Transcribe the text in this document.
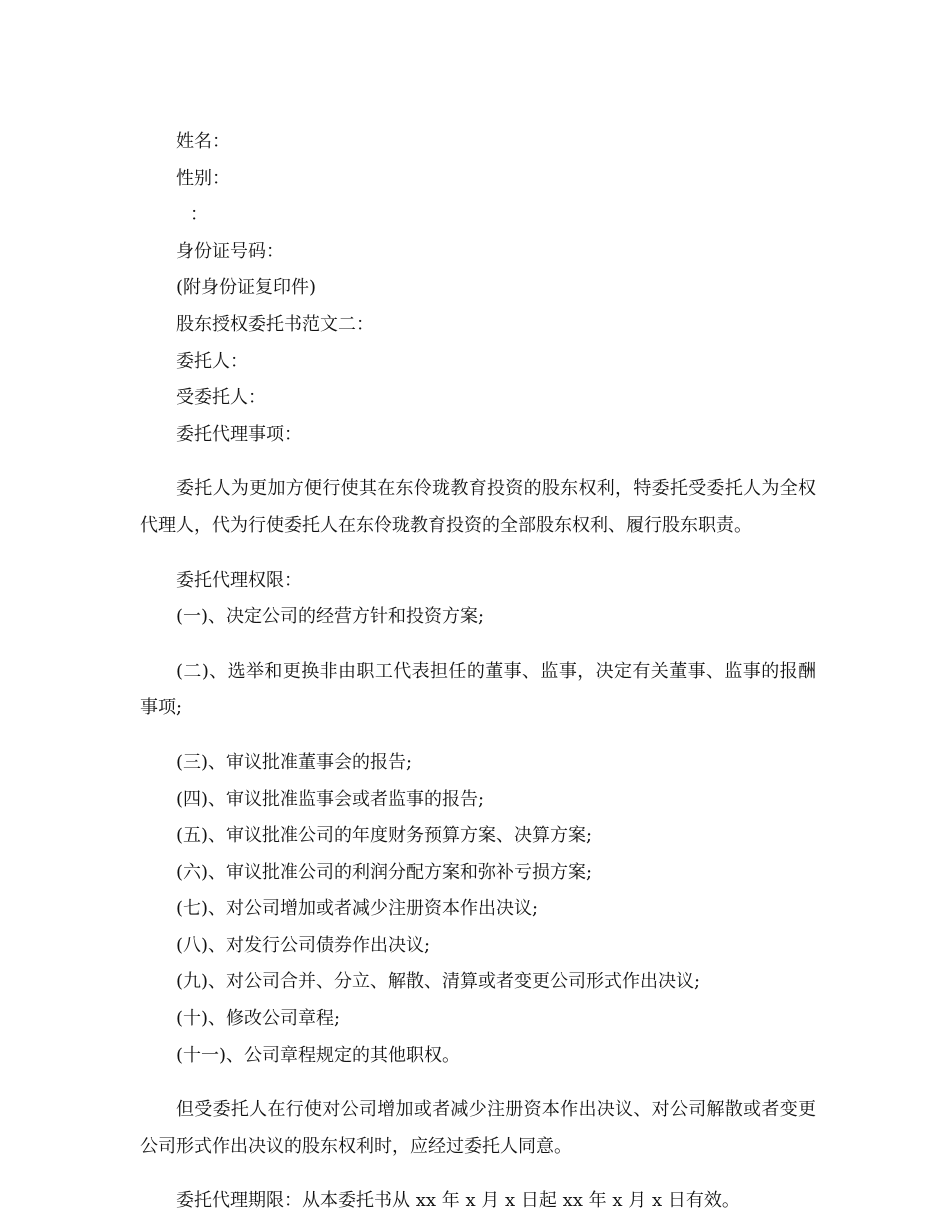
姓名：

性别：

：

身份证号码：

(附身份证复印件)

股东授权委托书范文二：

委托人：

受委托人：

委托代理事项：

委托人为更加方便行使其在东伶珑教育投资的股东权利，特委托受委托人为全权代理人，代为行使委托人在东伶珑教育投资的全部股东权利、履行股东职责。

委托代理权限：

(一)、决定公司的经营方针和投资方案;

(二)、选举和更换非由职工代表担任的董事、监事，决定有关董事、监事的报酬事项;

(三)、审议批准董事会的报告;

(四)、审议批准监事会或者监事的报告;

(五)、审议批准公司的年度财务预算方案、决算方案;

(六)、审议批准公司的利润分配方案和弥补亏损方案;

(七)、对公司增加或者减少注册资本作出决议;

(八)、对发行公司债券作出决议;

(九)、对公司合并、分立、解散、清算或者变更公司形式作出决议;

(十)、修改公司章程;

(十一)、公司章程规定的其他职权。

但受委托人在行使对公司增加或者减少注册资本作出决议、对公司解散或者变更公司形式作出决议的股东权利时，应经过委托人同意。

委托代理期限：从本委托书从 xx 年 x 月 x 日起 xx 年 x 月 x 日有效。
